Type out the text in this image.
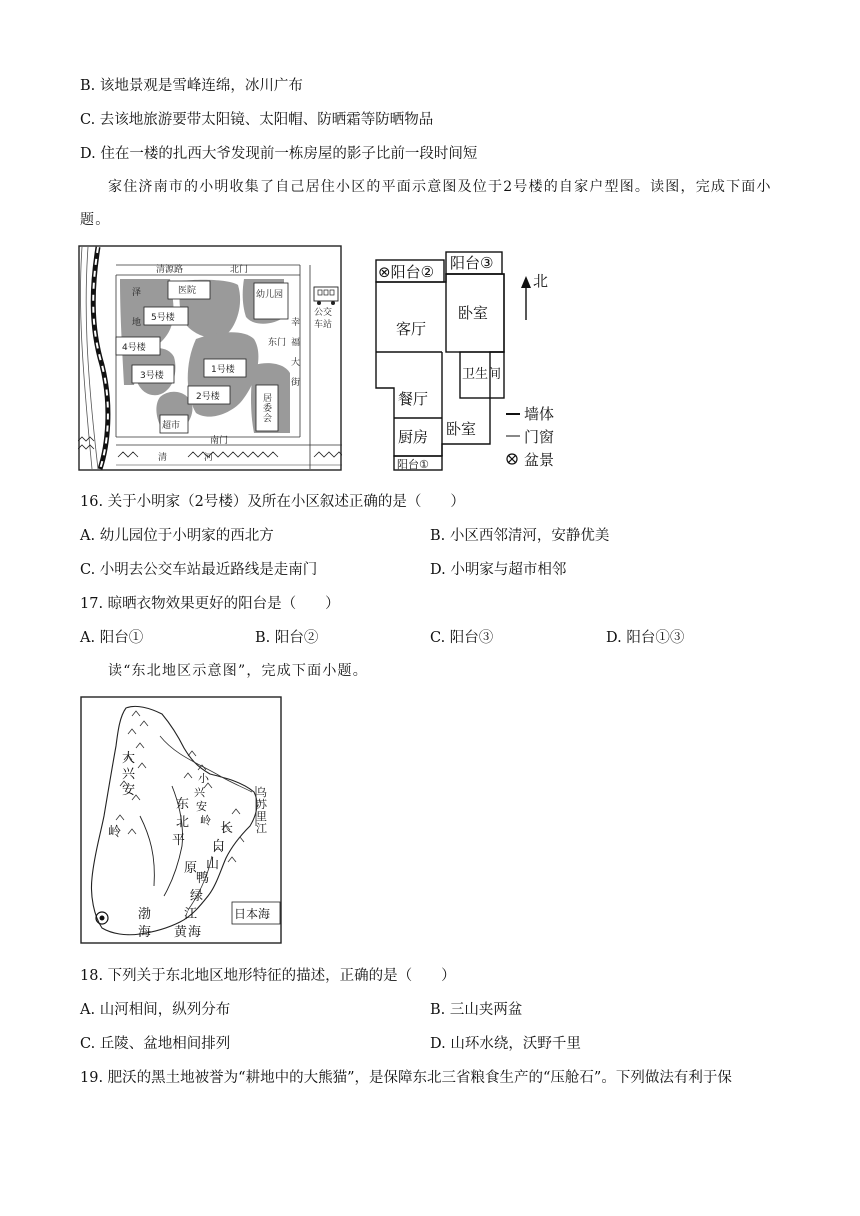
B. 该地景观是雪峰连绵，冰川广布
C. 去该地旅游要带太阳镜、太阳帽、防晒霜等防晒物品
D. 住在一楼的扎西大爷发现前一栋房屋的影子比前一段时间短
家住济南市的小明收集了自己居住小区的平面示意图及位于2号楼的自家户型图。读图，完成下面小
题。
清源路	北门
医院	幼儿园
泽
地 5号楼
4号楼
3号楼
1号楼
2号楼
超市
居
委
会
东门
公交
车站
幸
福
大
街
南门
清	河
⊗阳台② 阳台③
北
客厅
卧室
卫生间
餐厅
厨房 卧室
阳台①
墙体
门窗
盆景
16. 关于小明家（2号楼）及所在小区叙述正确的是（　　）
A. 幼儿园位于小明家的西北方	B. 小区西邻清河，安静优美
C. 小明去公交车站最近路线是走南门	D. 小明家与超市相邻
17. 晾晒衣物效果更好的阳台是（　　）
A. 阳台①	B. 阳台②	C. 阳台③	D. 阳台①③
读“东北地区示意图”，完成下面小题。
大
兴
安
岭
东
北
平
原
兴
小
安
岭
乌
苏
里
江
长
白
山
鸭
绿
江	日本海
渤
海 黄 海
18. 下列关于东北地区地形特征的描述，正确的是（　　）
A. 山河相间，纵列分布	B. 三山夹两盆
C. 丘陵、盆地相间排列	D. 山环水绕，沃野千里
19. 肥沃的黑土地被誉为“耕地中的大熊猫”，是保障东北三省粮食生产的“压舱石”。下列做法有利于保
